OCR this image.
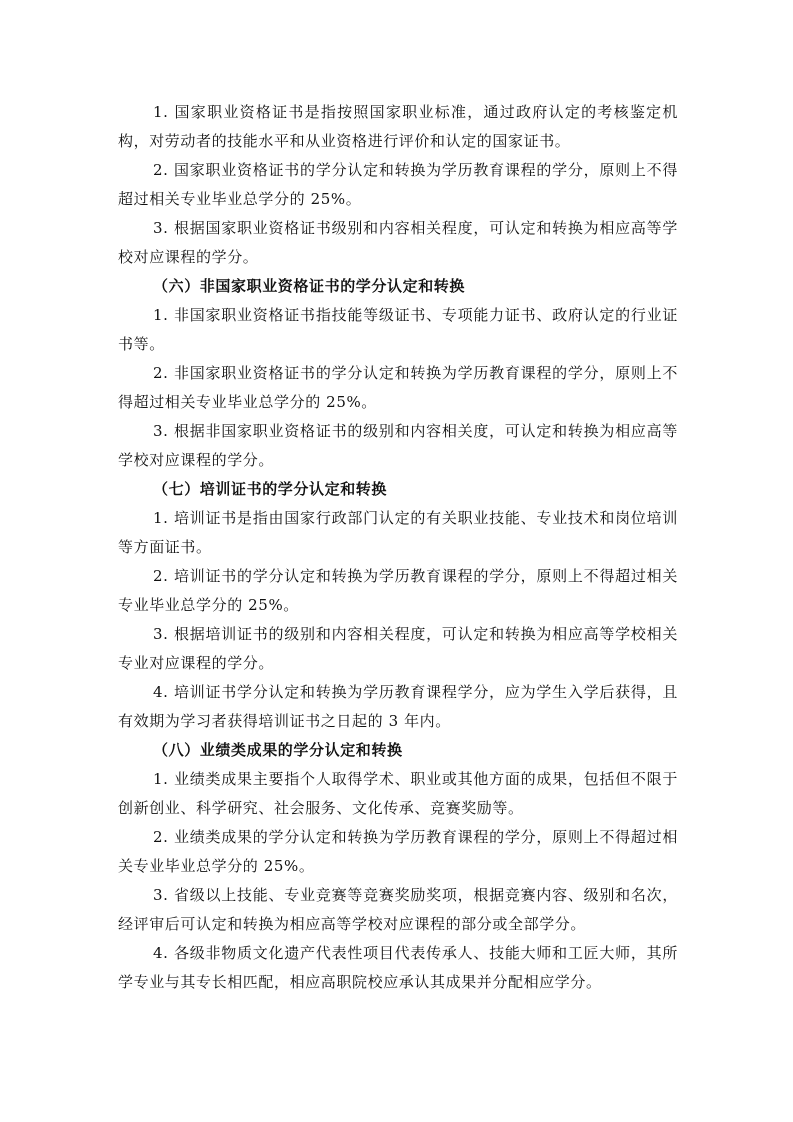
1. 国家职业资格证书是指按照国家职业标准，通过政府认定的考核鉴定机构，对劳动者的技能水平和从业资格进行评价和认定的国家证书。

2. 国家职业资格证书的学分认定和转换为学历教育课程的学分，原则上不得超过相关专业毕业总学分的 25%。

3. 根据国家职业资格证书级别和内容相关程度，可认定和转换为相应高等学校对应课程的学分。

（六）非国家职业资格证书的学分认定和转换

1. 非国家职业资格证书指技能等级证书、专项能力证书、政府认定的行业证书等。

2. 非国家职业资格证书的学分认定和转换为学历教育课程的学分，原则上不得超过相关专业毕业总学分的 25%。

3. 根据非国家职业资格证书的级别和内容相关度，可认定和转换为相应高等学校对应课程的学分。

（七）培训证书的学分认定和转换

1. 培训证书是指由国家行政部门认定的有关职业技能、专业技术和岗位培训等方面证书。

2. 培训证书的学分认定和转换为学历教育课程的学分，原则上不得超过相关专业毕业总学分的 25%。

3. 根据培训证书的级别和内容相关程度，可认定和转换为相应高等学校相关专业对应课程的学分。

4. 培训证书学分认定和转换为学历教育课程学分，应为学生入学后获得，且有效期为学习者获得培训证书之日起的 3 年内。

（八）业绩类成果的学分认定和转换

1. 业绩类成果主要指个人取得学术、职业或其他方面的成果，包括但不限于创新创业、科学研究、社会服务、文化传承、竞赛奖励等。

2. 业绩类成果的学分认定和转换为学历教育课程的学分，原则上不得超过相关专业毕业总学分的 25%。

3. 省级以上技能、专业竞赛等竞赛奖励奖项，根据竞赛内容、级别和名次，经评审后可认定和转换为相应高等学校对应课程的部分或全部学分。

4. 各级非物质文化遗产代表性项目代表传承人、技能大师和工匠大师，其所学专业与其专长相匹配，相应高职院校应承认其成果并分配相应学分。
